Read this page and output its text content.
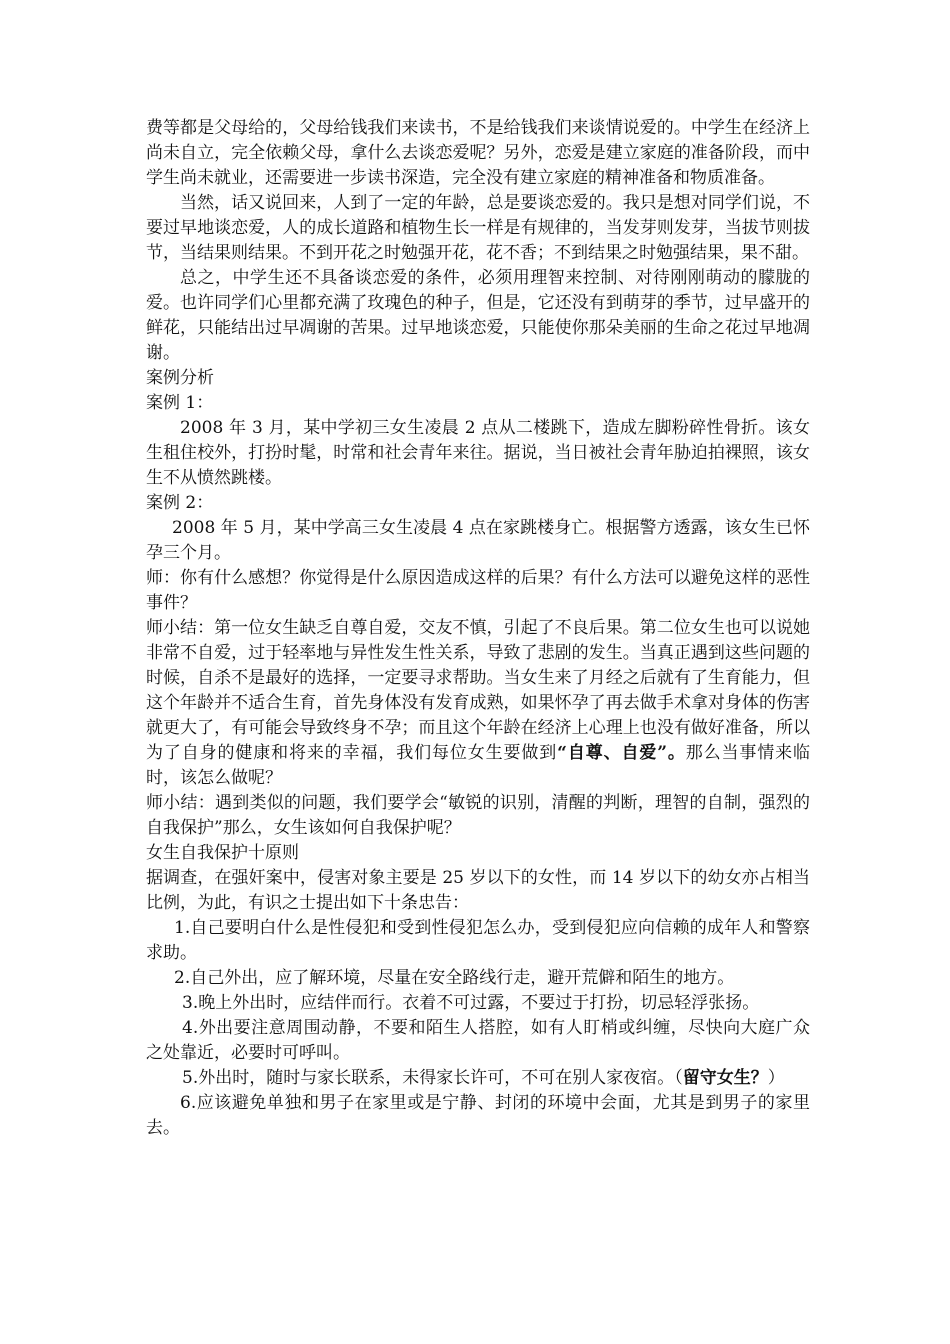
费等都是父母给的，父母给钱我们来读书，不是给钱我们来谈情说爱的。中学生在经济上尚未自立，完全依赖父母，拿什么去谈恋爱呢？另外，恋爱是建立家庭的准备阶段，而中学生尚未就业，还需要进一步读书深造，完全没有建立家庭的精神准备和物质准备。

当然，话又说回来，人到了一定的年龄，总是要谈恋爱的。我只是想对同学们说，不要过早地谈恋爱，人的成长道路和植物生长一样是有规律的，当发芽则发芽，当拔节则拔节，当结果则结果。不到开花之时勉强开花，花不香；不到结果之时勉强结果，果不甜。

总之，中学生还不具备谈恋爱的条件，必须用理智来控制、对待刚刚萌动的朦胧的爱。也许同学们心里都充满了玫瑰色的种子，但是，它还没有到萌芽的季节，过早盛开的鲜花，只能结出过早凋谢的苦果。过早地谈恋爱，只能使你那朵美丽的生命之花过早地凋谢。

案例分析

案例 1：

2008 年 3 月，某中学初三女生凌晨 2 点从二楼跳下，造成左脚粉碎性骨折。该女生租住校外，打扮时髦，时常和社会青年来往。据说，当日被社会青年胁迫拍裸照，该女生不从愤然跳楼。

案例 2：

2008 年 5 月，某中学高三女生凌晨 4 点在家跳楼身亡。根据警方透露，该女生已怀孕三个月。

师：你有什么感想？你觉得是什么原因造成这样的后果？有什么方法可以避免这样的恶性事件？

师小结：第一位女生缺乏自尊自爱，交友不慎，引起了不良后果。第二位女生也可以说她非常不自爱，过于轻率地与异性发生性关系，导致了悲剧的发生。当真正遇到这些问题的时候，自杀不是最好的选择，一定要寻求帮助。当女生来了月经之后就有了生育能力，但这个年龄并不适合生育，首先身体没有发育成熟，如果怀孕了再去做手术拿对身体的伤害就更大了，有可能会导致终身不孕；而且这个年龄在经济上心理上也没有做好准备，所以为了自身的健康和将来的幸福，我们每位女生要做到“自尊、自爱”。那么当事情来临时，该怎么做呢？

师小结：遇到类似的问题，我们要学会“敏锐的识别，清醒的判断，理智的自制，强烈的自我保护”那么，女生该如何自我保护呢？

女生自我保护十原则

据调查，在强奸案中，侵害对象主要是 25 岁以下的女性，而 14 岁以下的幼女亦占相当比例，为此，有识之士提出如下十条忠告：

1.自己要明白什么是性侵犯和受到性侵犯怎么办，受到侵犯应向信赖的成年人和警察求助。

2.自己外出，应了解环境，尽量在安全路线行走，避开荒僻和陌生的地方。

3.晚上外出时，应结伴而行。衣着不可过露，不要过于打扮，切忌轻浮张扬。

4.外出要注意周围动静，不要和陌生人搭腔，如有人盯梢或纠缠，尽快向大庭广众之处靠近，必要时可呼叫。

5.外出时，随时与家长联系，未得家长许可，不可在别人家夜宿。（留守女生？）

6.应该避免单独和男子在家里或是宁静、封闭的环境中会面，尤其是到男子的家里去。
